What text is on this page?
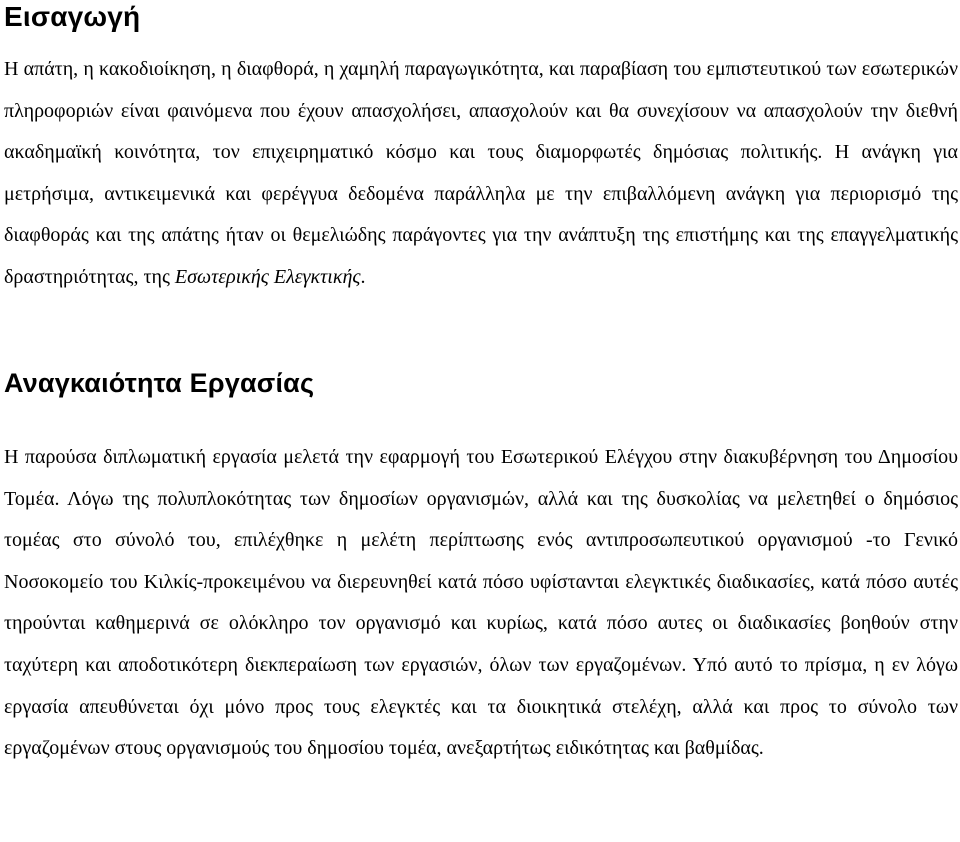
Εισαγωγή

Η απάτη, η κακοδιοίκηση, η διαφθορά, η χαμηλή παραγωγικότητα, και παραβίαση του εμπιστευτικού των εσωτερικών πληροφοριών είναι φαινόμενα που έχουν απασχολήσει, απασχολούν και θα συνεχίσουν να απασχολούν την διεθνή ακαδημαϊκή κοινότητα, τον επιχειρηματικό κόσμο και τους διαμορφωτές δημόσιας πολιτικής. Η ανάγκη για μετρήσιμα, αντικειμενικά και φερέγγυα δεδομένα παράλληλα με την επιβαλλόμενη ανάγκη για περιορισμό της διαφθοράς και της απάτης ήταν οι θεμελιώδης παράγοντες για την ανάπτυξη της επιστήμης και της επαγγελματικής δραστηριότητας, της Εσωτερικής Ελεγκτικής.

Αναγκαιότητα Εργασίας

Η παρούσα διπλωματική εργασία μελετά την εφαρμογή του Εσωτερικού Ελέγχου στην διακυβέρνηση του Δημοσίου Τομέα. Λόγω της πολυπλοκότητας των δημοσίων οργανισμών, αλλά και της δυσκολίας να μελετηθεί ο δημόσιος τομέας στο σύνολό του, επιλέχθηκε η μελέτη περίπτωσης ενός αντιπροσωπευτικού οργανισμού -το Γενικό Νοσοκομείο του Κιλκίς-προκειμένου να διερευνηθεί κατά πόσο υφίστανται ελεγκτικές διαδικασίες, κατά πόσο αυτές τηρούνται καθημερινά σε ολόκληρο τον οργανισμό και κυρίως, κατά πόσο αυτες οι διαδικασίες βοηθούν στην ταχύτερη και αποδοτικότερη διεκπεραίωση των εργασιών, όλων των εργαζομένων. Υπό αυτό το πρίσμα, η εν λόγω εργασία απευθύνεται όχι μόνο προς τους ελεγκτές και τα διοικητικά στελέχη, αλλά και προς το σύνολο των εργαζομένων στους οργανισμούς του δημοσίου τομέα, ανεξαρτήτως ειδικότητας και βαθμίδας.
